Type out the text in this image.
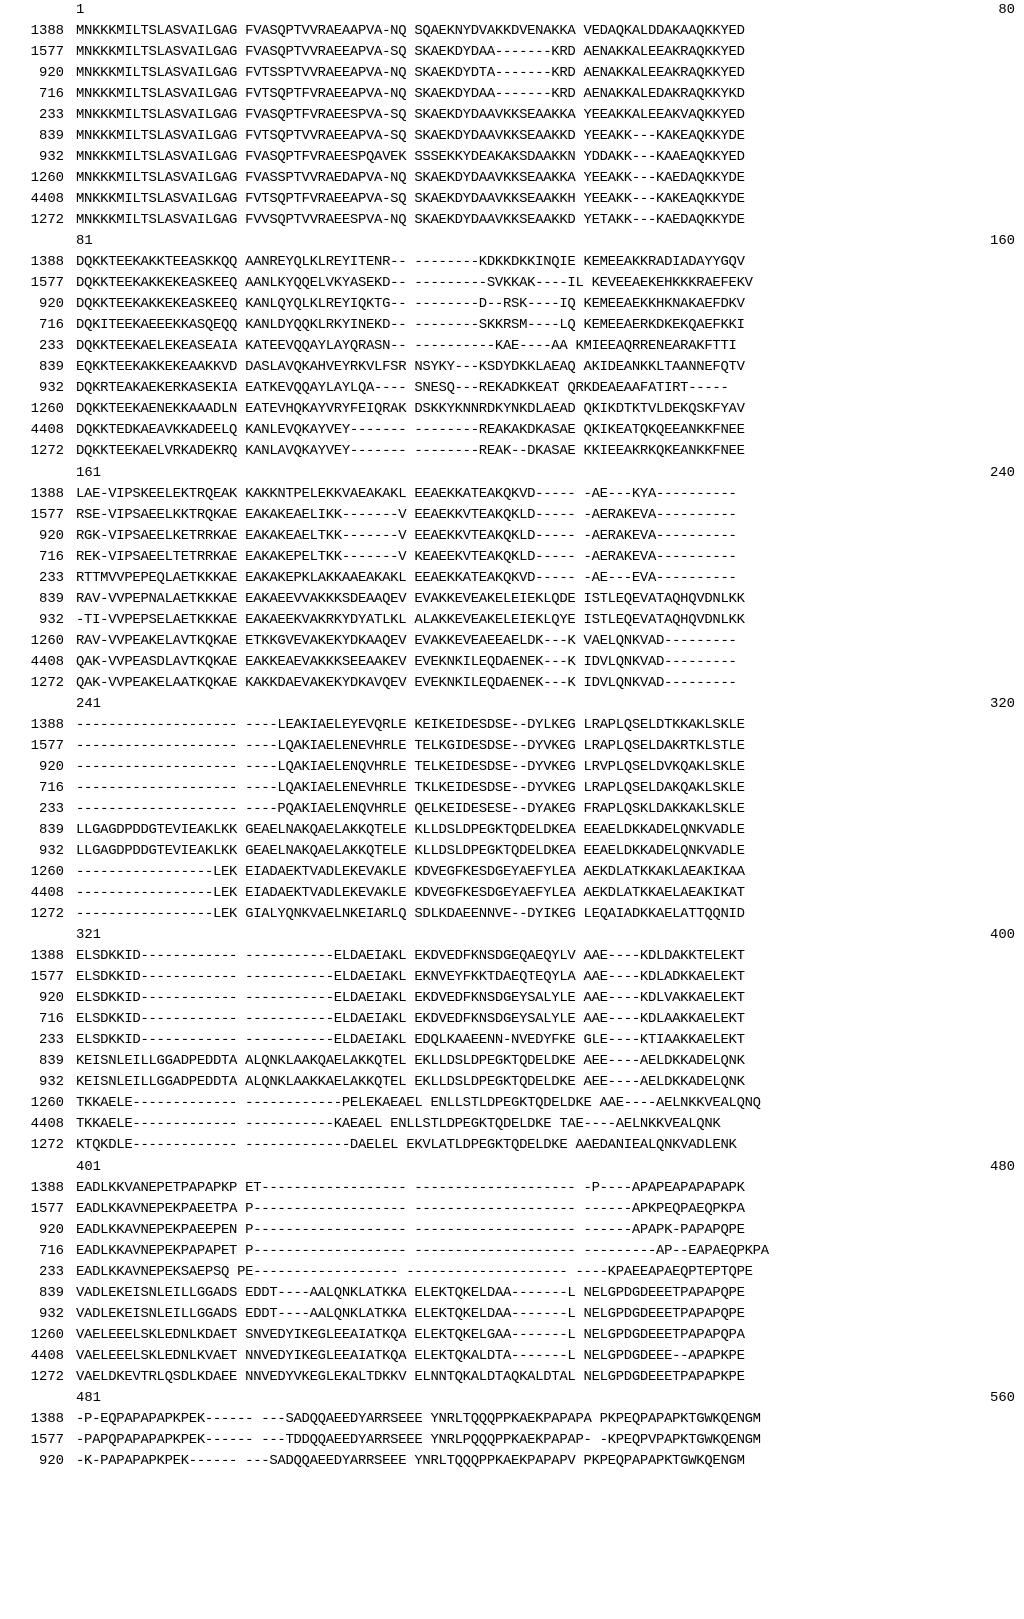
1	80
1388 MNKKKMILTSLASVAILGAG FVASQPTVVRAEAAPVA-NQ SQAEKNYDVAKKDVENAKKA VEDAQKALDDAKAAQKKYED
1577 MNKKKMILTSLASVAILGAG FVASQPTVVRAEEAPVA-SQ SKAEKDYDAA-------KRD AENAKKALEEAKRAQKKYED
920 MNKKKMILTSLASVAILGAG FVTSSPTVVRAEEAPVA-NQ SKAEKDYDTA-------KRD AENAKKALEEAKRAQKKYED
716 MNKKKMILTSLASVAILGAG FVTSQPTFVRAEEAPVA-NQ SKAEKDYDAA-------KRD AENAKKALEDAKRAQKKYKD
233 MNKKKMILTSLASVAILGAG FVASQPTFVRAEESPVA-SQ SKAEKDYDAAVKKSEAAKKA YEEAKKALEEAKVAQKKYED
839 MNKKKMILTSLASVAILGAG FVTSQPTVVRAEEAPVA-SQ SKAEKDYDAAVKKSEAAKKD YEEAKK---KAKEAQKKYDE
932 MNKKKMILTSLASVAILGAG FVASQPTFVRAEESPQAVEK SSSEKKYDEAKAKSDAAKKN YDDAKK---KAAEAQKKYED
1260 MNKKKMILTSLASVAILGAG FVASSPTVVRAEDAPVA-NQ SKAEKDYDAAVKKSEAAKKA YEEAKK---KAEDAQKKYDE
4408 MNKKKMILTSLASVAILGAG FVTSQPTFVRAEEAPVA-SQ SKAEKDYDAAVKKSEAAKKH YEEAKK---KAKEAQKKYDE
1272 MNKKKMILTSLASVAILGAG FVVSQPTVVRAEESPVA-NQ SKAEKDYDAAVKKSEAAKKD YETAKK---KAEDAQKKYDE
81	160
1388 DQKKTEEKAKKTEEASKKQQ AANREYQLKLREYITENR-- --------KDKKDKKINQIE KEMEEAKKRADIADAYYGQV
1577 DQKKTEEKAKKEKEASKEEQ AANLKYQQELVKYASEKD-- ---------SVKKAK----IL KEVEEAEKEHKKKRAEFEKV
920 DQKKTEEKAKKEKEASKEEQ KANLQYQLKLREYIQKTG-- --------D--RSK----IQ KEMEEAEKKHKNAKAEFDKV
716 DQKITEEKAEEEKKASQEQQ KANLDYQQKLRKYINEKD-- --------SKKRSM----LQ KEMEEAERKDKEKQAEFKKI
233 DQKKTEEKAELEKEASEAIA KATEEVQQAYLAYQRASN-- ----------KAE----AA KMIEEAQRRENEARAKFTTI
839 EQKKTEEKAKKEKEAAKKVD DASLAVQKAHVEYRKVLFSR NSYKY---KSDYDKKLAEAQ AKIDEANKKLTAANNEFQTV
932 DQKRTEAKAEKERKASEKIA EATKEVQQAYLAYLQA---- SNESQ---REKADKKEAT QRKDEAEAAFATIRT-----
1260 DQKKTEEKAENEKKAAADLN EATEVHQKAYVRYFEIQRAK DSKKYKNNRDKYNKDLAEAD QKIKDTKTVLDEKQSKFYAV
4408 DQKKTEDKAEAVKKADEELQ KANLEVQKAYVEY------- --------REAKAKDKASAE QKIKEATQKQEEANKKFNEE
1272 DQKKTEEKAELVRKADEKRQ KANLAVQKAYVEY------- --------REAK--DKASAE KKIEEAKRKQKEANKKFNEE
161	240
1388 LAE-VIPSKEELEKTRQEAK KAKKNTPELEKKVAEAKAKL EEAEKKATEAKQKVD----- -AE---KYA----------
1577 RSE-VIPSAEELKKTRQKAE EAKAKEAELIKK-------V EEAEKKVTEAKQKLD----- -AERAKEVA----------
920 RGK-VIPSAEELKETRRKAE EAKAKEAELTKK-------V EEAEKKVTEAKQKLD----- -AERAKEVA----------
716 REK-VIPSAEELTETRRKAE EAKAKEPELTKK-------V KEAEEKVTEAKQKLD----- -AERAKEVA----------
233 RTTMVVPEPEQLAETKKKAE EAKAKEPKLAKKAAEAKAKL EEAEKKATEAKQKVD----- -AE---EVA----------
839 RAV-VVPEPNALAETKKKAE EAKAEEVVAKKKSDEAAQEV EVAKKEVEAKELEIEKLQDE ISTLEQEVATAQHQVDNLKK
932 -TI-VVPEPSELAETKKKAE EAKAEEKVAKRKYDYATLKL ALAKKEVEAKELEIEKLQYE ISTLEQEVATAQHQVDNLKK
1260 RAV-VVPEAKELAVTKQKAE ETKKGVEVAKEKYDKAAQEV EVAKKEVEAEEAELDK---K VAELQNKVAD---------
4408 QAK-VVPEASDLAVTKQKAE EAKKEAEVAKKKSEEAAKEV EVEKNKILEQDAENEK---K IDVLQNKVAD---------
1272 QAK-VVPEAKELAATKQKAE KAKKDAEVAKEKYDKAVQEV EVEKNKILEQDAENEK---K IDVLQNKVAD---------
241	320
1388 -------------------- ----LEAKIAELEYEVQRLE KEIKEIDESDSE--DYLKEG LRAPLQSELDTKKAKLSKLE
1577 -------------------- ----LQAKIAELENEVHRLE TELKGIDESDSE--DYVKEG LRAPLQSELDAKRTKLSTLE
920 -------------------- ----LQAKIAELENQVHRLE TELKEIDESDSE--DYVKEG LRVPLQSELDVKQAKLSKLE
716 -------------------- ----LQAKIAELENEVHRLE TKLKEIDESDSE--DYVKEG LRAPLQSELDAKQAKLSKLE
233 -------------------- ----PQAKIAELENQVHRLE QELKEIDESESE--DYAKEG FRAPLQSKLDAKKAKLSKLE
839 LLGAGDPDDGTEVIEAKLKK GEAELNAKQAELAKKQTELE KLLDSLDPEGKTQDELDKEA EEAELDKKADELQNKVADLE
932 LLGAGDPDDGTEVIEAKLKK GEAELNAKQAELAKKQTELE KLLDSLDPEGKTQDELDKEA EEAELDKKADELQNKVADLE
1260 -----------------LEK EIADAEKTVADLEKEVAKLE KDVEGFKESDGEYAEFYLEA AEKDLATKKAKLAEAKIKAA
4408 -----------------LEK EIADAEKTVADLEKEVAKLE KDVEGFKESDGEYAEFYLEA AEKDLATKKAELAEAKIKAT
1272 -----------------LEK GIALYQNKVAELNKEIARLQ SDLKDAEENNVE--DYIKEG LEQAIADKKAELATTQQNID
321	400
1388 ELSDKKID------------ -----------ELDAEIAKL EKDVEDFKNSDGEQAEQYLV AAE----KDLDAKKTELEKT
1577 ELSDKKID------------ -----------ELDAEIAKL EKNVEYFKKTDAEQTEQYLA AAE----KDLADKKAELEKT
920 ELSDKKID------------ -----------ELDAEIAKL EKDVEDFKNSDGEYSALYLE AAE----KDLVAKKAELEKT
716 ELSDKKID------------ -----------ELDAEIAKL EKDVEDFKNSDGEYSALYLE AAE----KDLAAKKAELEKT
233 ELSDKKID------------ -----------ELDAEIAKL EDQLKAAEENN-NVEDYFKE GLE----KTIAAKKAELEKT
839 KEISNLEILLGGADPEDDTA ALQNKLAAKQAELAKKQTEL EKLLDSLDPEGKTQDELDKE AEE----AELDKKADELQNK
932 KEISNLEILLGGADPEDDTA ALQNKLAAKKAELAKKQTEL EKLLDSLDPEGKTQDELDKE AEE----AELDKKADELQNK
1260 TKKAELE------------- ------------PELEKAEAEL ENLLSTLDPEGKTQDELDKE AAE----AELNKKVEALQNQ
4408 TKKAELE------------- -----------KAEAEL ENLLSTLDPEGKTQDELDKE TAE----AELNKKVEALQNK
1272 KTQKDLE------------- -------------DAELEL EKVLATLDPEGKTQDELDKE AAEDANIEALQNKVADLENK
401	480
1388 EADLKKVANEPETPAPAPKP ET------------------ -------------------- -P----APAPEAPAPAPAPK
1577 EADLKKAVNEPEKPAEETPA P------------------- -------------------- ------APKPEQPAEQPKPA
920 EADLKKAVNEPEKPAEEPEN P------------------- -------------------- ------APAPK-PAPAPQPE
716 EADLKKAVNEPEKPAPAPET P------------------- -------------------- ---------AP--EAPAEQPKPA
233 EADLKKAVNEPEKSAEPSQ PE------------------ -------------------- ----KPAEEAPAEQPTEPTQPE
839 VADLEKEISNLEILLGGADS EDDT----AALQNKLATKKA ELEKTQKELDAA-------L NELGPDGDEEETPAPAPQPE
932 VADLEKEISNLEILLGGADS EDDT----AALQNKLATKKA ELEKTQKELDAA-------L NELGPDGDEEETPAPAPQPE
1260 VAELEEELSKLEDNLKDAET SNVEDYIKEGLEEAIATKQA ELEKTQKELGAA-------L NELGPDGDEEETPAPAPQPA
4408 VAELEEELSKLEDNLKVAET NNVEDYIKEGLEEAIATKQA ELEKTQKALDTA-------L NELGPDGDEEE--APAPKPE
1272 VAELDKEVTRLQSDLKDAEE NNVEDYVKEGLEKALTDKKV ELNNTQKALDTAQKALDTAL NELGPDGDEEETPAPAPKPE
481	560
1388 -P-EQPAPAPAPKPEK------ ---SADQQAEEDYARRSEEE YNRLTQQQPPKAEKPAPAPA PKPEQPAPAPKTGWKQENGM
1577 -PAPQPAPAPAPKPEK------ ---TDDQQAEEDYARRSEEE YNRLPQQQPPKAEKPAPAP- -KPEQPVPAPKTGWKQENGM
920 -K-PAPAPAPKPEK------ ---SADQQAEEDYARRSEEE YNRLTQQQPPKAEKPAPAPV PKPEQPAPAPKTGWKQENGM
